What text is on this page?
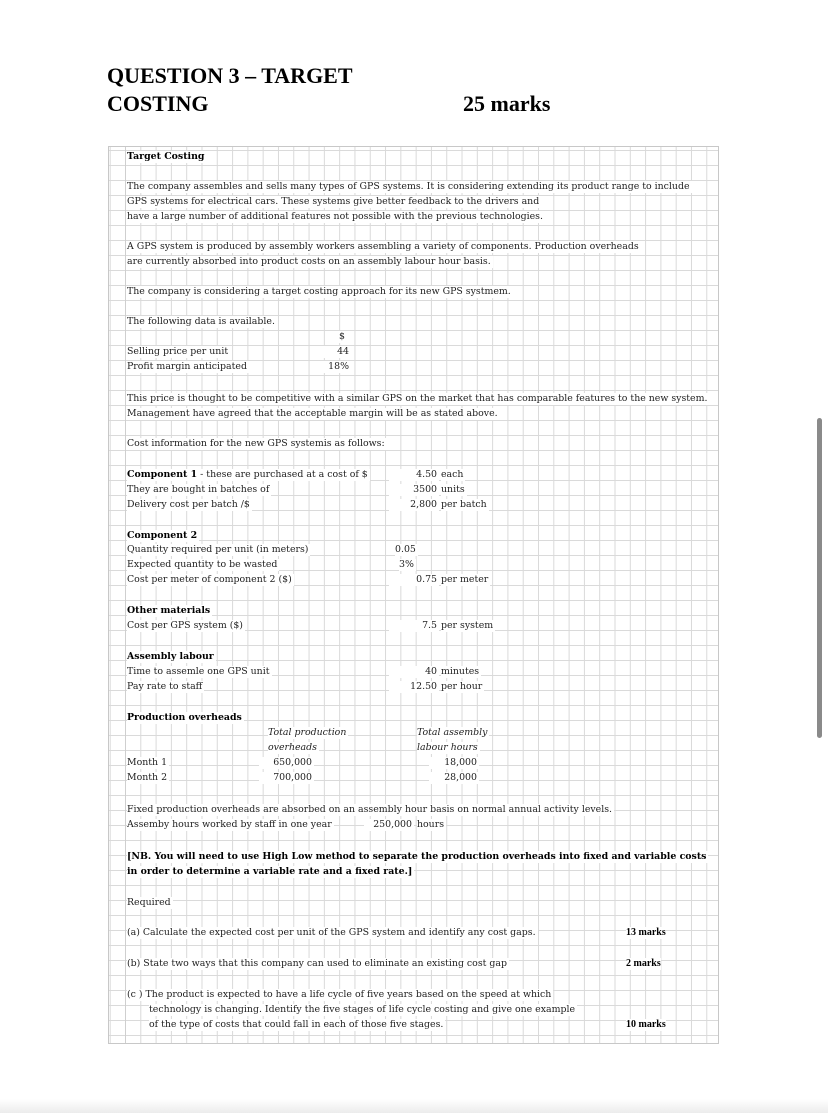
QUESTION 3 – TARGET
COSTING	25 marks
Target Costing
The company assembles and sells many types of GPS systems. It is considering extending its product range to include
GPS systems for electrical cars. These systems give better feedback to the drivers and
have a large number of additional features not possible with the previous technologies.
A GPS system is produced by assembly workers assembling a variety of components. Production overheads
are currently absorbed into product costs on an assembly labour hour basis.
The company is considering a target costing approach for its new GPS systmem.
The following data is available.
$
Selling price per unit	44
Profit margin anticipated	18%
This price is thought to be competitive with a similar GPS on the market that has comparable features to the new system.
Management have agreed that the acceptable margin will be as stated above.
Cost information for the new GPS systemis as follows:
Component 1 - these are purchased at a cost of $	4.50 each
They are bought in batches of	3500 units
Delivery cost per batch /$	2,800 per batch
Component 2
Quantity required per unit (in meters)	0.05
Expected quantity to be wasted	3%
Cost per meter of component 2 ($)	0.75 per meter
Other materials
Cost per GPS system ($)	7.5 per system
Assembly labour
Time to assemle one GPS unit	40 minutes
Pay rate to staff	12.50 per hour
Production overheads
Total production
overheads
Total assembly
labour hours
Month 1	650,000	18,000
Month 2	700,000	28,000
Fixed production overheads are absorbed on an assembly hour basis on normal annual activity levels.
Assemby hours worked by staff in one year	250,000 hours
[NB. You will need to use High Low method to separate the production overheads into fixed and variable costs
in order to determine a variable rate and a fixed rate.]
Required
(a) Calculate the expected cost per unit of the GPS system and identify any cost gaps.	13 marks
(b) State two ways that this company can used to eliminate an existing cost gap	2 marks
(c ) The product is expected to have a life cycle of five years based on the speed at which
technology is changing. Identify the five stages of life cycle costing and give one example
of the type of costs that could fall in each of those five stages.	10 marks
